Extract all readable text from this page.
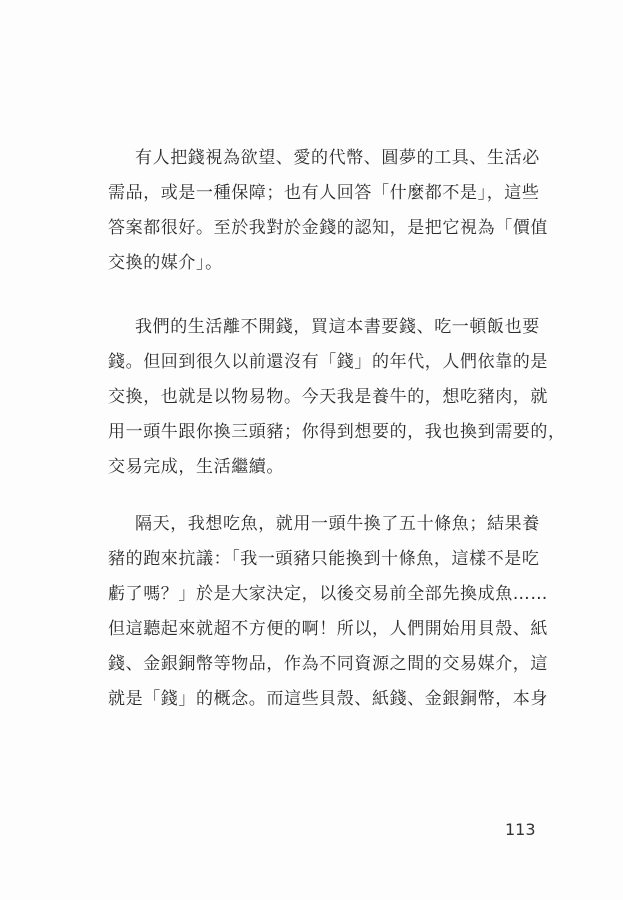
有人把錢視為欲望、愛的代幣、圓夢的工具、生活必
需品，或是一種保障；也有人回答「什麼都不是」，這些
答案都很好。至於我對於金錢的認知，是把它視為「價值
交換的媒介」。
我們的生活離不開錢，買這本書要錢、吃一頓飯也要
錢。但回到很久以前還沒有「錢」的年代，人們依靠的是
交換，也就是以物易物。今天我是養牛的，想吃豬肉，就
用一頭牛跟你換三頭豬；你得到想要的，我也換到需要的，
交易完成，生活繼續。
隔天，我想吃魚，就用一頭牛換了五十條魚；結果養
豬的跑來抗議：「我一頭豬只能換到十條魚，這樣不是吃
虧了嗎？」於是大家決定，以後交易前全部先換成魚……
但這聽起來就超不方便的啊！所以，人們開始用貝殼、紙
錢、金銀銅幣等物品，作為不同資源之間的交易媒介，這
就是「錢」的概念。而這些貝殼、紙錢、金銀銅幣，本身
113
